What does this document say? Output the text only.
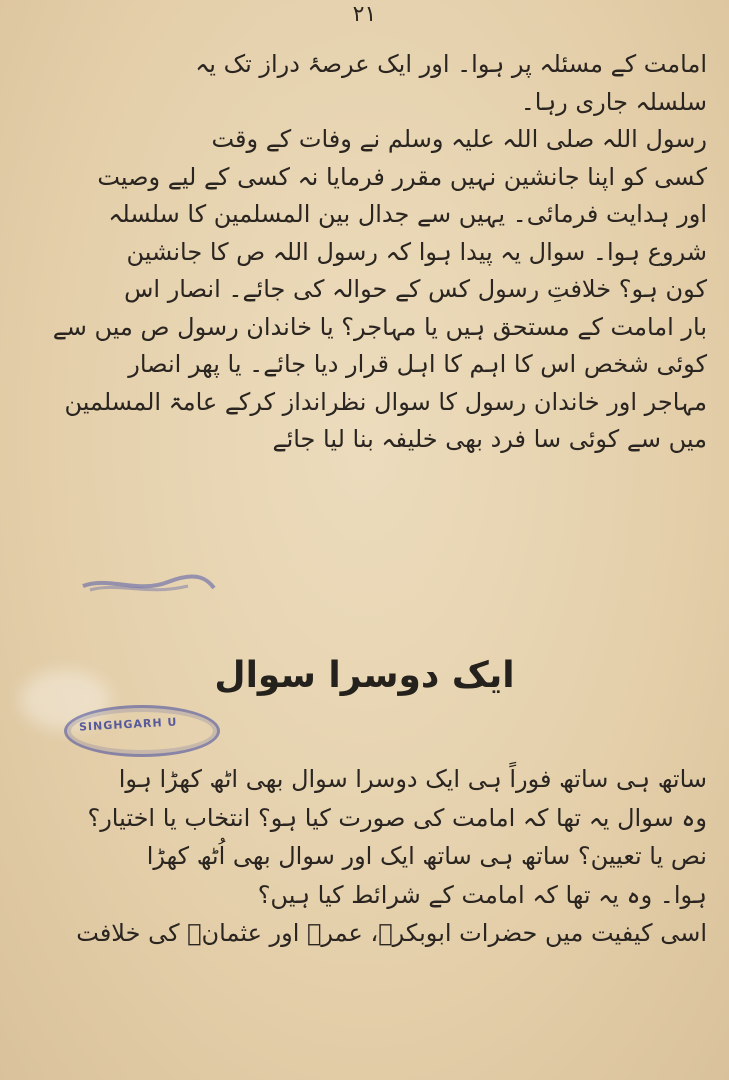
۲۱
امامت کے مسئلہ پر ہوا۔ اور ایک عرصۂ دراز تک یہ
سلسلہ جاری رہا۔
رسول اللہ صلی اللہ علیہ وسلم نے وفات کے وقت
کسی کو اپنا جانشین نہیں مقرر فرمایا نہ کسی کے لیے وصیت
اور ہدایت فرمائی۔ یہیں سے جدال بین المسلمین کا سلسلہ
شروع ہوا۔ سوال یہ پیدا ہوا کہ رسول اللہ ص کا جانشین
کون ہو؟ خلافتِ رسول کس کے حوالہ کی جائے۔ انصار اس
بار امامت کے مستحق ہیں یا مہاجر؟ یا خاندان رسول ص میں سے
کوئی شخص اس کا اہم کا اہل قرار دیا جائے۔ یا پھر انصار
مہاجر اور خاندان رسول کا سوال نظرانداز کرکے عامۃ المسلمین
میں سے کوئی سا فرد بھی خلیفہ بنا لیا جائے
ایک دوسرا سوال
SINGHGARH U
ساتھ ہی ساتھ فوراً ہی ایک دوسرا سوال بھی اٹھ کھڑا ہوا
وہ سوال یہ تھا کہ امامت کی صورت کیا ہو؟ انتخاب یا اختیار؟
نص یا تعیین؟ ساتھ ہی ساتھ ایک اور سوال بھی اُٹھ کھڑا
ہوا۔ وہ یہ تھا کہ امامت کے شرائط کیا ہیں؟
اسی کیفیت میں حضرات ابوبکرؓ، عمرؓ اور عثمانؓ کی خلافت
